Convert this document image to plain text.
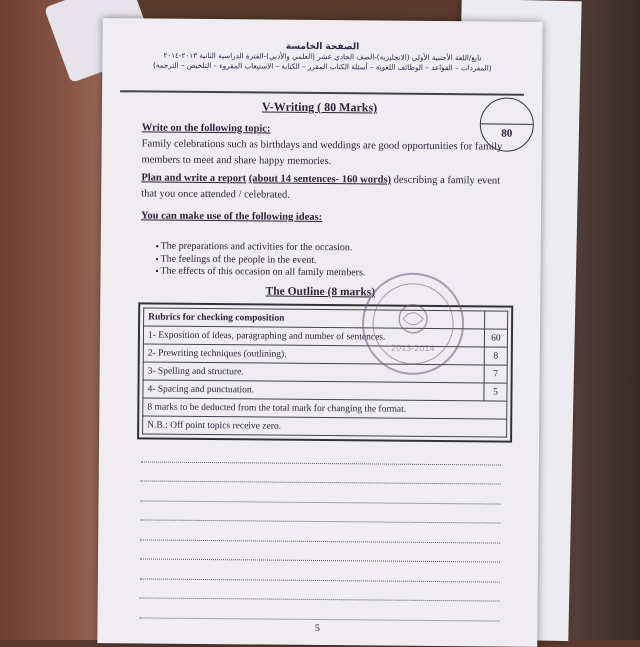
الصفحة الخامسة
تابع/اللغة الأجنبية الأولى (الانجليزية)-الصف الحادي عشر (العلمي والأدبي)-الفترة الدراسية الثانية ٢٠١٣-٢٠١٤
(المفردات – القواعد – الوظائف اللغوية – أسئلة الكتاب المقرر – الكتابة – الاستيعاب المقروء – التلخيص – الترجمة)
80
V-Writing ( 80 Marks)
Write on the following topic:
Family celebrations such as birthdays and weddings are good opportunities for family members to meet and share happy memories.
Plan and write a report (about 14 sentences- 160 words) describing a family event that you once attended / celebrated.
You can make use of the following ideas:
▪ The preparations and activities for the occasion.
▪ The feelings of the people in the event.
▪ The effects of this occasion on all family members.
The Outline (8 marks)
Rubrics for checking composition	
1- Exposition of ideas, paragraphing and number of sentences.	60
2- Prewriting techniques (outlining).	8
3- Spelling and structure.	7
4- Spacing and punctuation.	5
8 marks to be deducted from the total mark for changing the format.	
N.B.: Off point topics receive zero.	
2013-2014
5
